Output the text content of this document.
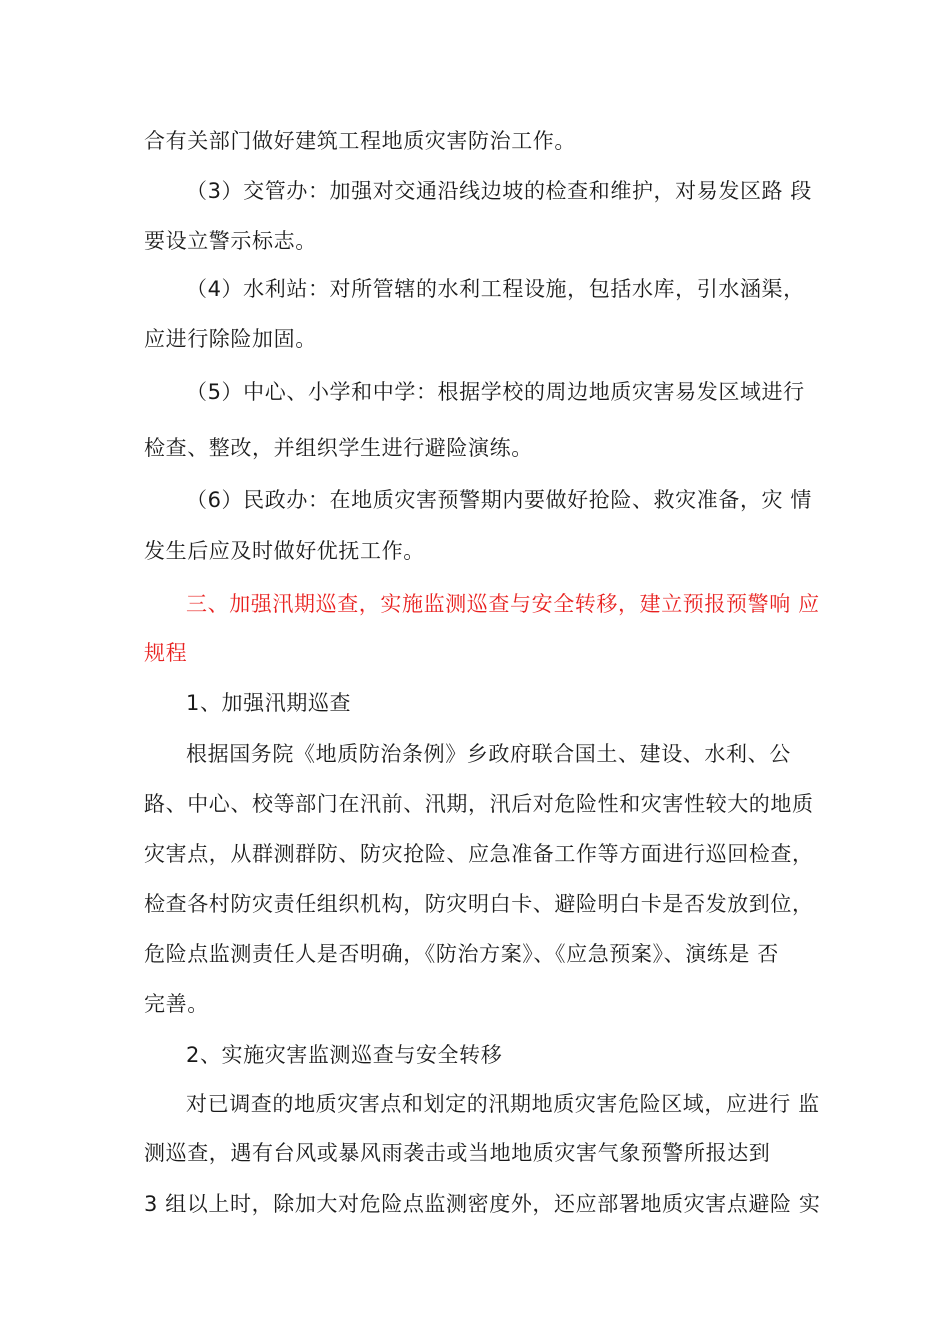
合有关部门做好建筑工程地质灾害防治工作。
（3）交管办：加强对交通沿线边坡的检查和维护，对易发区路 段
要设立警示标志。
（4）水利站：对所管辖的水利工程设施，包括水库，引水涵渠，
应进行除险加固。
（5）中心、小学和中学：根据学校的周边地质灾害易发区域进行
检查、整改，并组织学生进行避险演练。
（6）民政办：在地质灾害预警期内要做好抢险、救灾准备，灾 情
发生后应及时做好优抚工作。
三、加强汛期巡查，实施监测巡查与安全转移，建立预报预警响 应
规程
1、加强汛期巡查
根据国务院《地质防治条例》乡政府联合国土、建设、水利、公
路、中心、校等部门在汛前、汛期，汛后对危险性和灾害性较大的地质
灾害点，从群测群防、防灾抢险、应急准备工作等方面进行巡回检查，
检查各村防灾责任组织机构，防灾明白卡、避险明白卡是否发放到位，
危险点监测责任人是否明确，《防治方案》、《应急预案》、演练是 否
完善。
2、实施灾害监测巡查与安全转移
对已调查的地质灾害点和划定的汛期地质灾害危险区域，应进行 监
测巡查，遇有台风或暴风雨袭击或当地地质灾害气象预警所报达到
3 组以上时，除加大对危险点监测密度外，还应部署地质灾害点避险 实
